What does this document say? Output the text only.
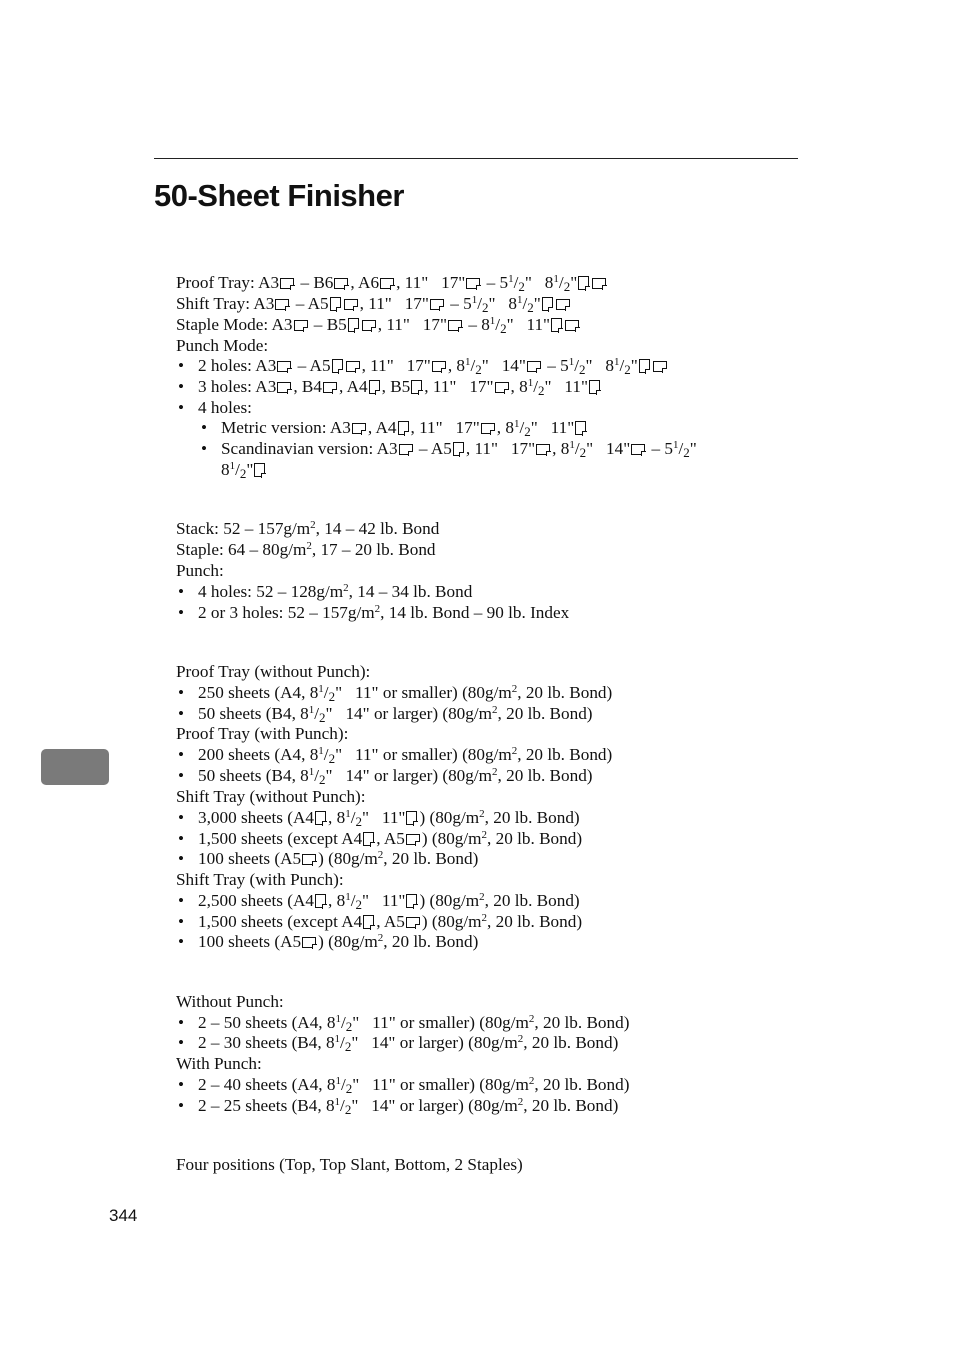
50-Sheet Finisher
Proof Tray: A3 – B6 , A6 , 11"   17" – $5^1/2$"   $8^1/2$"
Shift Tray: A3 – A5 , 11"   17" – $5^1/2$"   $8^1/2$"
Staple Mode: A3 – B5 , 11"   17" – $8^1/2$"   11"
Punch Mode:
• 2 holes: A3 – A5 , 11"   17" , $8^1/2$"   14" – $5^1/2$"   $8^1/2$"
• 3 holes: A3 , B4 , A4 , B5 , 11"   17" , $8^1/2$"   11"
• 4 holes:
• Metric version: A3 , A4 , 11"   17" , $8^1/2$"   11"
• Scandinavian version: A3 – A5 , 11"   17" , $8^1/2$"   14" – $5^1/2$"
$8^1/2$"
Stack: $52 - 157g/m^2$, 14 – 42 lb. Bond
Staple: $64 - 80g/m^2$, 17 – 20 lb. Bond
Punch:
• 4 holes: $52 - 128g/m^2$, 14 – 34 lb. Bond
• 2 or 3 holes: $52 - 157g/m^2$, 14 lb. Bond – 90 lb. Index
Proof Tray (without Punch):
• 250 sheets (A4, $8^1/2$"   11" or smaller) ($80g/m^2$, 20 lb. Bond)
• 50 sheets (B4, $8^1/2$"   14" or larger) ($80g/m^2$, 20 lb. Bond)
Proof Tray (with Punch):
• 200 sheets (A4, $8^1/2$"   11" or smaller) ($80g/m^2$, 20 lb. Bond)
• 50 sheets (B4, $8^1/2$"   14" or larger) ($80g/m^2$, 20 lb. Bond)
Shift Tray (without Punch):
• 3,000 sheets (A4 , $8^1/2$"   11" ) ($80g/m^2$, 20 lb. Bond)
• 1,500 sheets (except A4 , A5 ) ($80g/m^2$, 20 lb. Bond)
• 100 sheets (A5 ) ($80g/m^2$, 20 lb. Bond)
Shift Tray (with Punch):
• 2,500 sheets (A4 , $8^1/2$"   11" ) ($80g/m^2$, 20 lb. Bond)
• 1,500 sheets (except A4 , A5 ) ($80g/m^2$, 20 lb. Bond)
• 100 sheets (A5 ) ($80g/m^2$, 20 lb. Bond)
Without Punch:
• 2 – 50 sheets (A4, $8^1/2$"   11" or smaller) ($80g/m^2$, 20 lb. Bond)
• 2 – 30 sheets (B4, $8^1/2$"   14" or larger) ($80g/m^2$, 20 lb. Bond)
With Punch:
• 2 – 40 sheets (A4, $8^1/2$"   11" or smaller) ($80g/m^2$, 20 lb. Bond)
• 2 – 25 sheets (B4, $8^1/2$"   14" or larger) ($80g/m^2$, 20 lb. Bond)
Four positions (Top, Top Slant, Bottom, 2 Staples)
344
